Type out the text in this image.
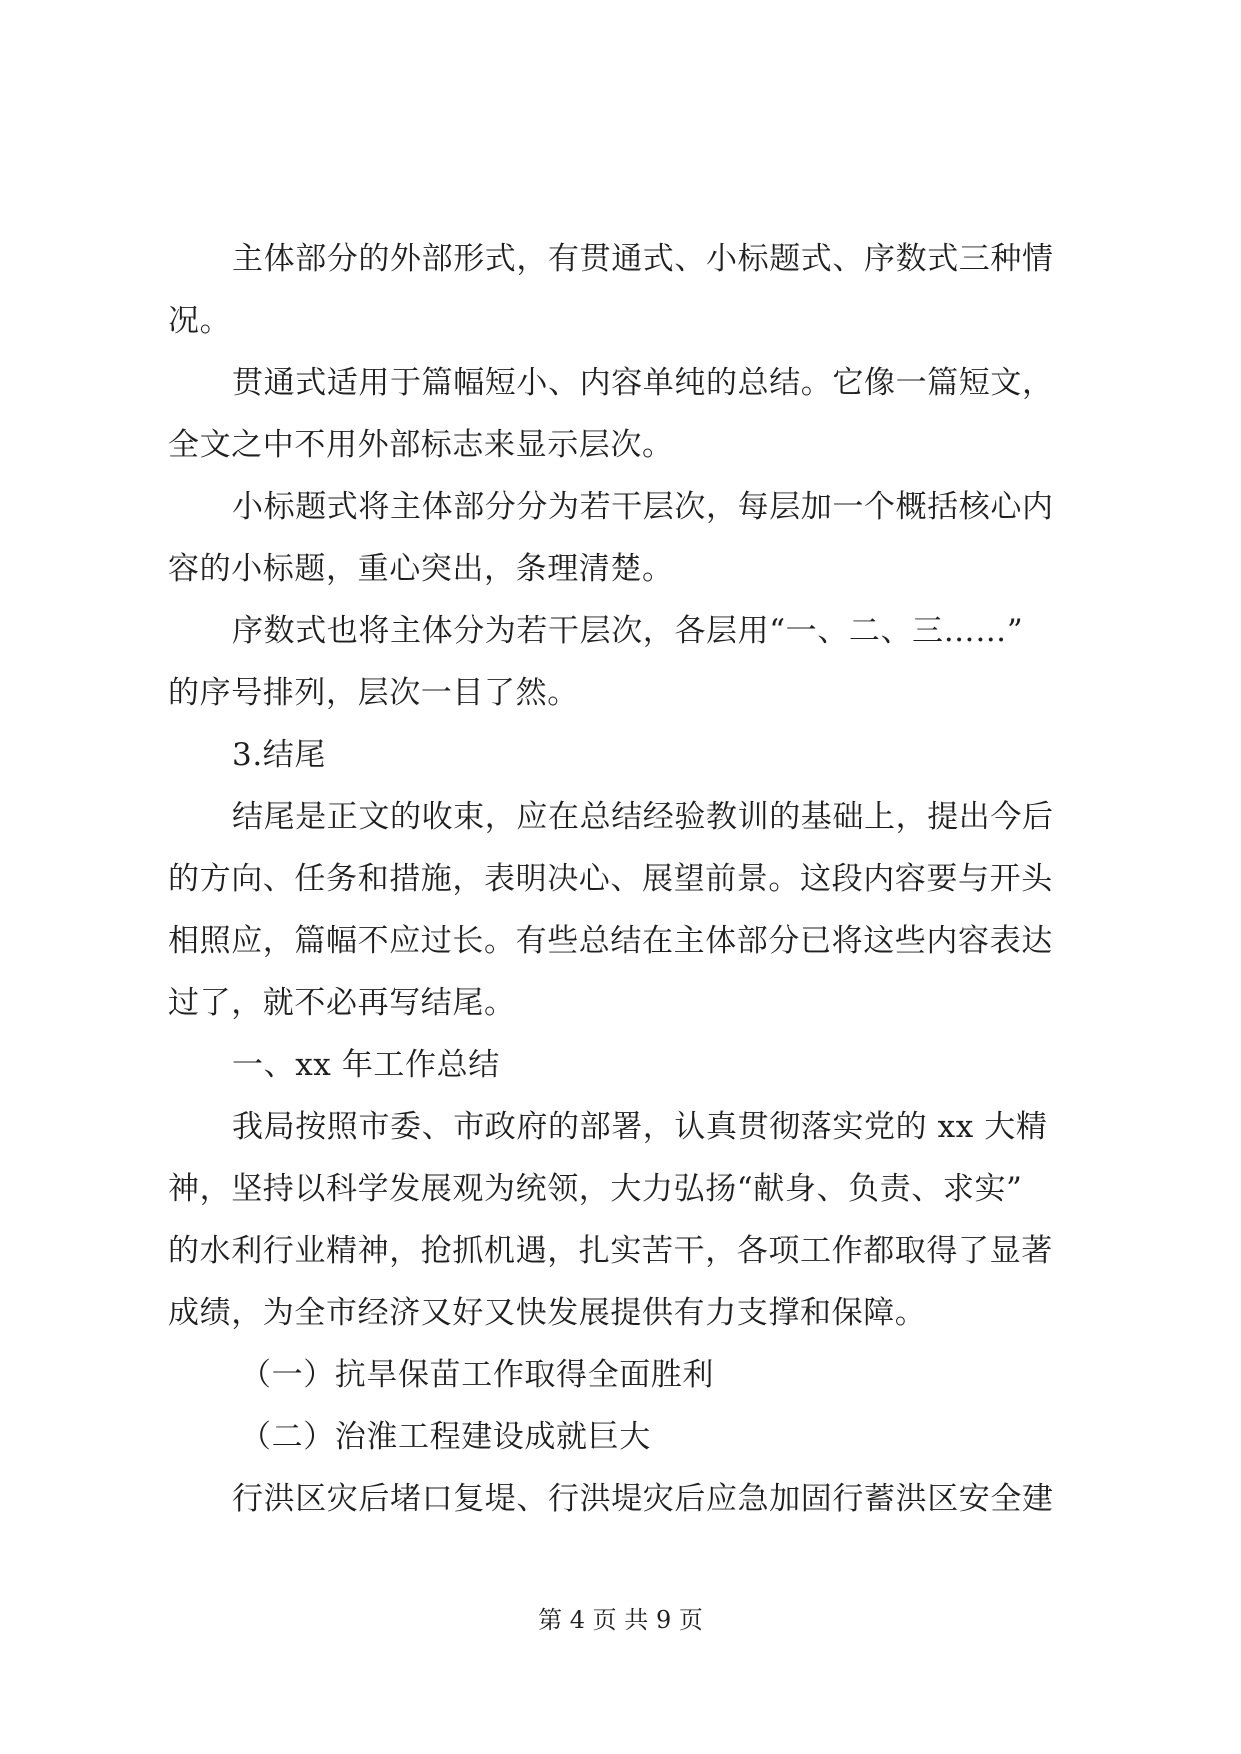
主体部分的外部形式，有贯通式、小标题式、序数式三种情
况。
贯通式适用于篇幅短小、内容单纯的总结。它像一篇短文，
全文之中不用外部标志来显示层次。
小标题式将主体部分分为若干层次，每层加一个概括核心内
容的小标题，重心突出，条理清楚。
序数式也将主体分为若干层次，各层用“一、二、三……”
的序号排列，层次一目了然。
3.结尾
结尾是正文的收束，应在总结经验教训的基础上，提出今后
的方向、任务和措施，表明决心、展望前景。这段内容要与开头
相照应，篇幅不应过长。有些总结在主体部分已将这些内容表达
过了，就不必再写结尾。
一、xx 年工作总结
我局按照市委、市政府的部署，认真贯彻落实党的 xx 大精
神，坚持以科学发展观为统领，大力弘扬“献身、负责、求实”
的水利行业精神，抢抓机遇，扎实苦干，各项工作都取得了显著
成绩，为全市经济又好又快发展提供有力支撑和保障。
（一）抗旱保苗工作取得全面胜利
（二）治淮工程建设成就巨大
行洪区灾后堵口复堤、行洪堤灾后应急加固行蓄洪区安全建
第 4 页 共 9 页
